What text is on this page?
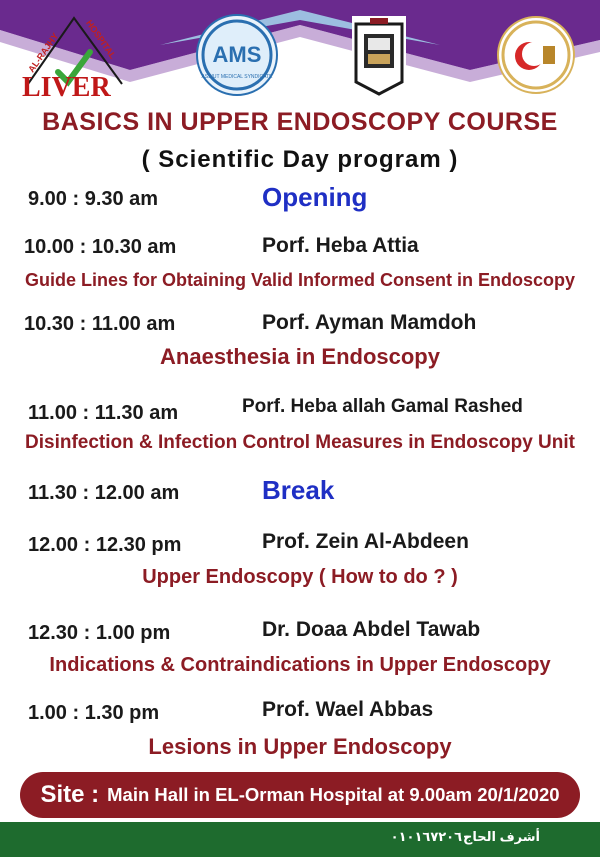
AL-RAJHY	HOSPITAL
LIVER
AMS
ASSIUT MEDICAL SYNDICATE
BASICS IN UPPER ENDOSCOPY COURSE
( Scientific Day program )
9.00 : 9.30 am	Opening
10.00 : 10.30 am	Porf. Heba Attia
Guide Lines for Obtaining Valid Informed Consent in Endoscopy
10.30 : 11.00 am	Porf. Ayman Mamdoh
Anaesthesia in Endoscopy
11.00 : 11.30 am	Porf. Heba allah Gamal Rashed
Disinfection & Infection Control Measures in Endoscopy Unit
11.30 : 12.00 am	Break
12.00 : 12.30 pm	Prof. Zein Al-Abdeen
Upper Endoscopy ( How to do ? )
12.30 : 1.00 pm	Dr. Doaa Abdel Tawab
Indications & Contraindications in Upper Endoscopy
1.00 : 1.30 pm	Prof. Wael Abbas
Lesions in Upper Endoscopy
Site : Main Hall in EL-Orman Hospital at 9.00am 20/1/2020
٠١٠١٦٧٢٠٦٠
أشرف الحاج
